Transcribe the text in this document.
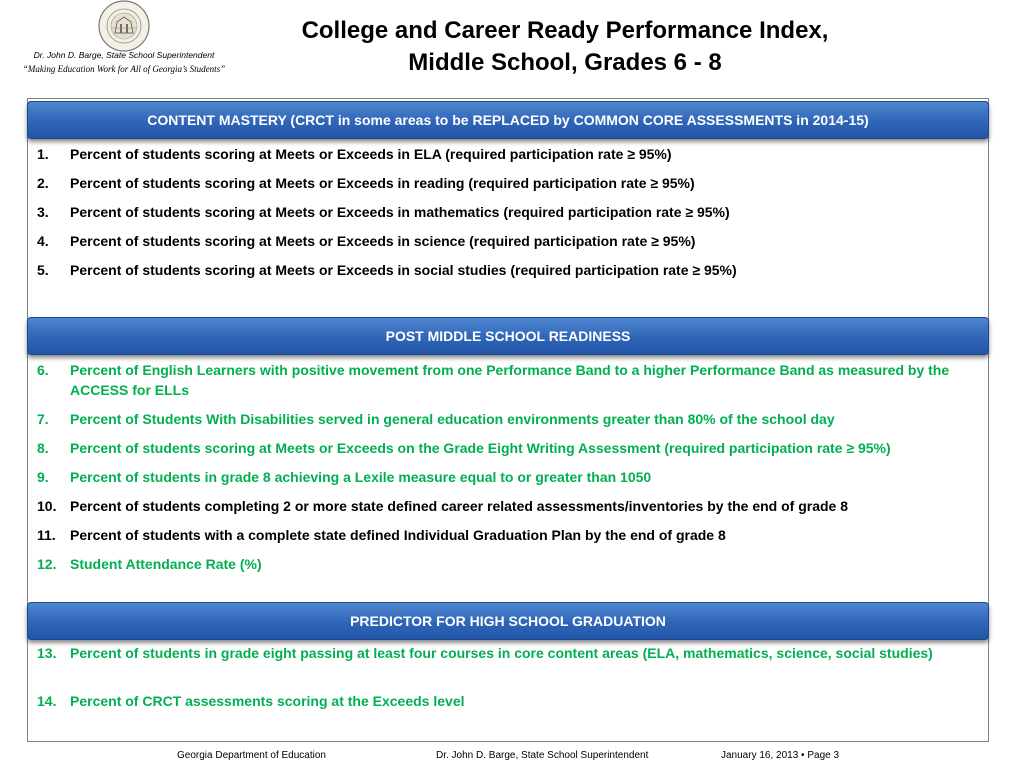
Dr. John D. Barge, State School Superintendent
“Making Education Work for All of Georgia’s Students”
College and Career Ready Performance Index,
Middle School, Grades 6 - 8
CONTENT MASTERY (CRCT in some areas to be REPLACED by COMMON CORE ASSESSMENTS in 2014-15)
1.	Percent of students scoring at Meets or Exceeds in ELA (required participation rate ≥ 95%)
2.	Percent of students scoring at Meets or Exceeds in reading (required participation rate ≥ 95%)
3.	Percent of students scoring at Meets or Exceeds in mathematics (required participation rate ≥ 95%)
4.	Percent of students scoring at Meets or Exceeds in science (required participation rate ≥ 95%)
5.	Percent of students scoring at Meets or Exceeds in social studies (required participation rate ≥ 95%)
POST MIDDLE SCHOOL READINESS
6.	Percent of English Learners with positive movement from one Performance Band to a higher Performance Band as measured by the ACCESS for ELLs
7.	Percent of Students With Disabilities served in general education environments greater than 80% of the school day
8.	Percent of students scoring at Meets or Exceeds on the Grade Eight Writing Assessment (required participation rate ≥ 95%)
9.	Percent of students in grade 8 achieving a Lexile measure equal to or greater than 1050
10. Percent of students completing 2 or more state defined career related assessments/inventories by the end of grade 8
11.	Percent of students with a complete state defined Individual Graduation Plan by the end of grade 8
12. Student Attendance Rate (%)
PREDICTOR FOR HIGH SCHOOL GRADUATION
13. Percent of students in grade eight passing at least four courses in core content areas (ELA, mathematics, science, social studies)
14. Percent of CRCT assessments scoring at the Exceeds level
Georgia Department of Education	Dr. John D. Barge, State School Superintendent	January 16, 2013 • Page 3
